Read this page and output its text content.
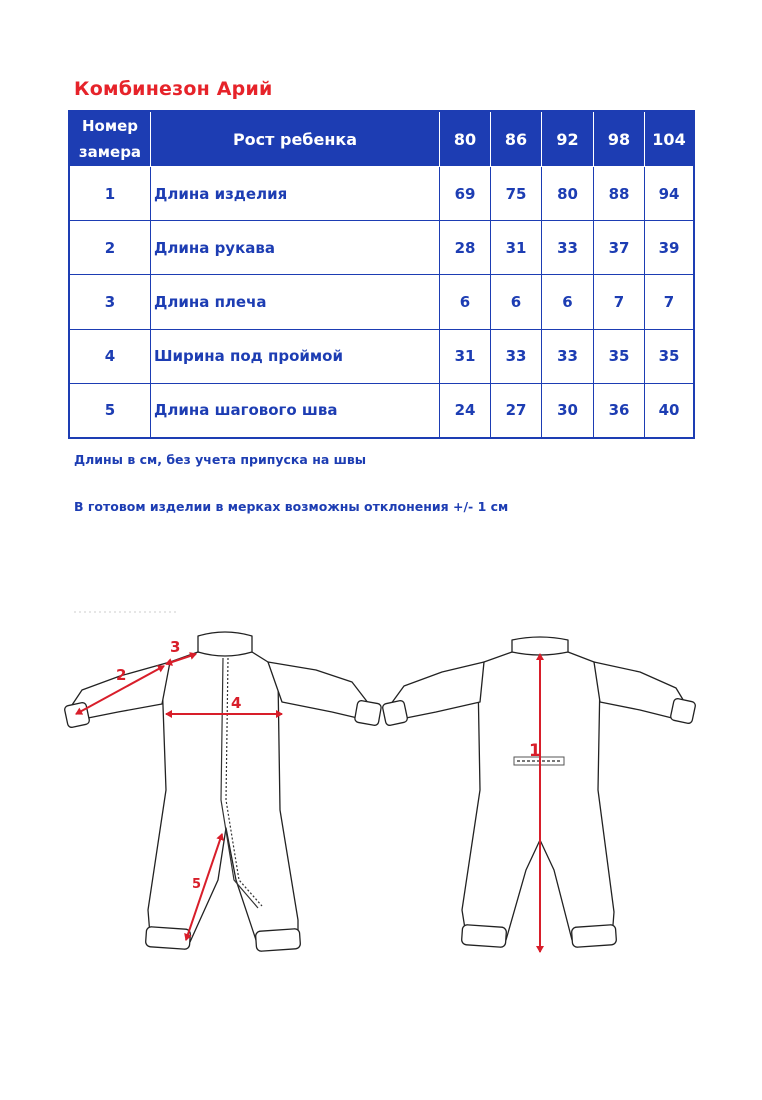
Комбинезон Арий
Номер замера	Рост ребенка	80	86	92	98	104
1	Длина изделия	69	75	80	88	94
2	Длина рукава	28	31	33	37	39
3	Длина плеча	6	6	6	7	7
4	Ширина под проймой	31	33	33	35	35
5	Длина шагового шва	24	27	30	36	40
Длины в см, без учета припуска на швы
В готовом изделии в мерках возможны отклонения +/- 1 см
2
3
4
5
1
